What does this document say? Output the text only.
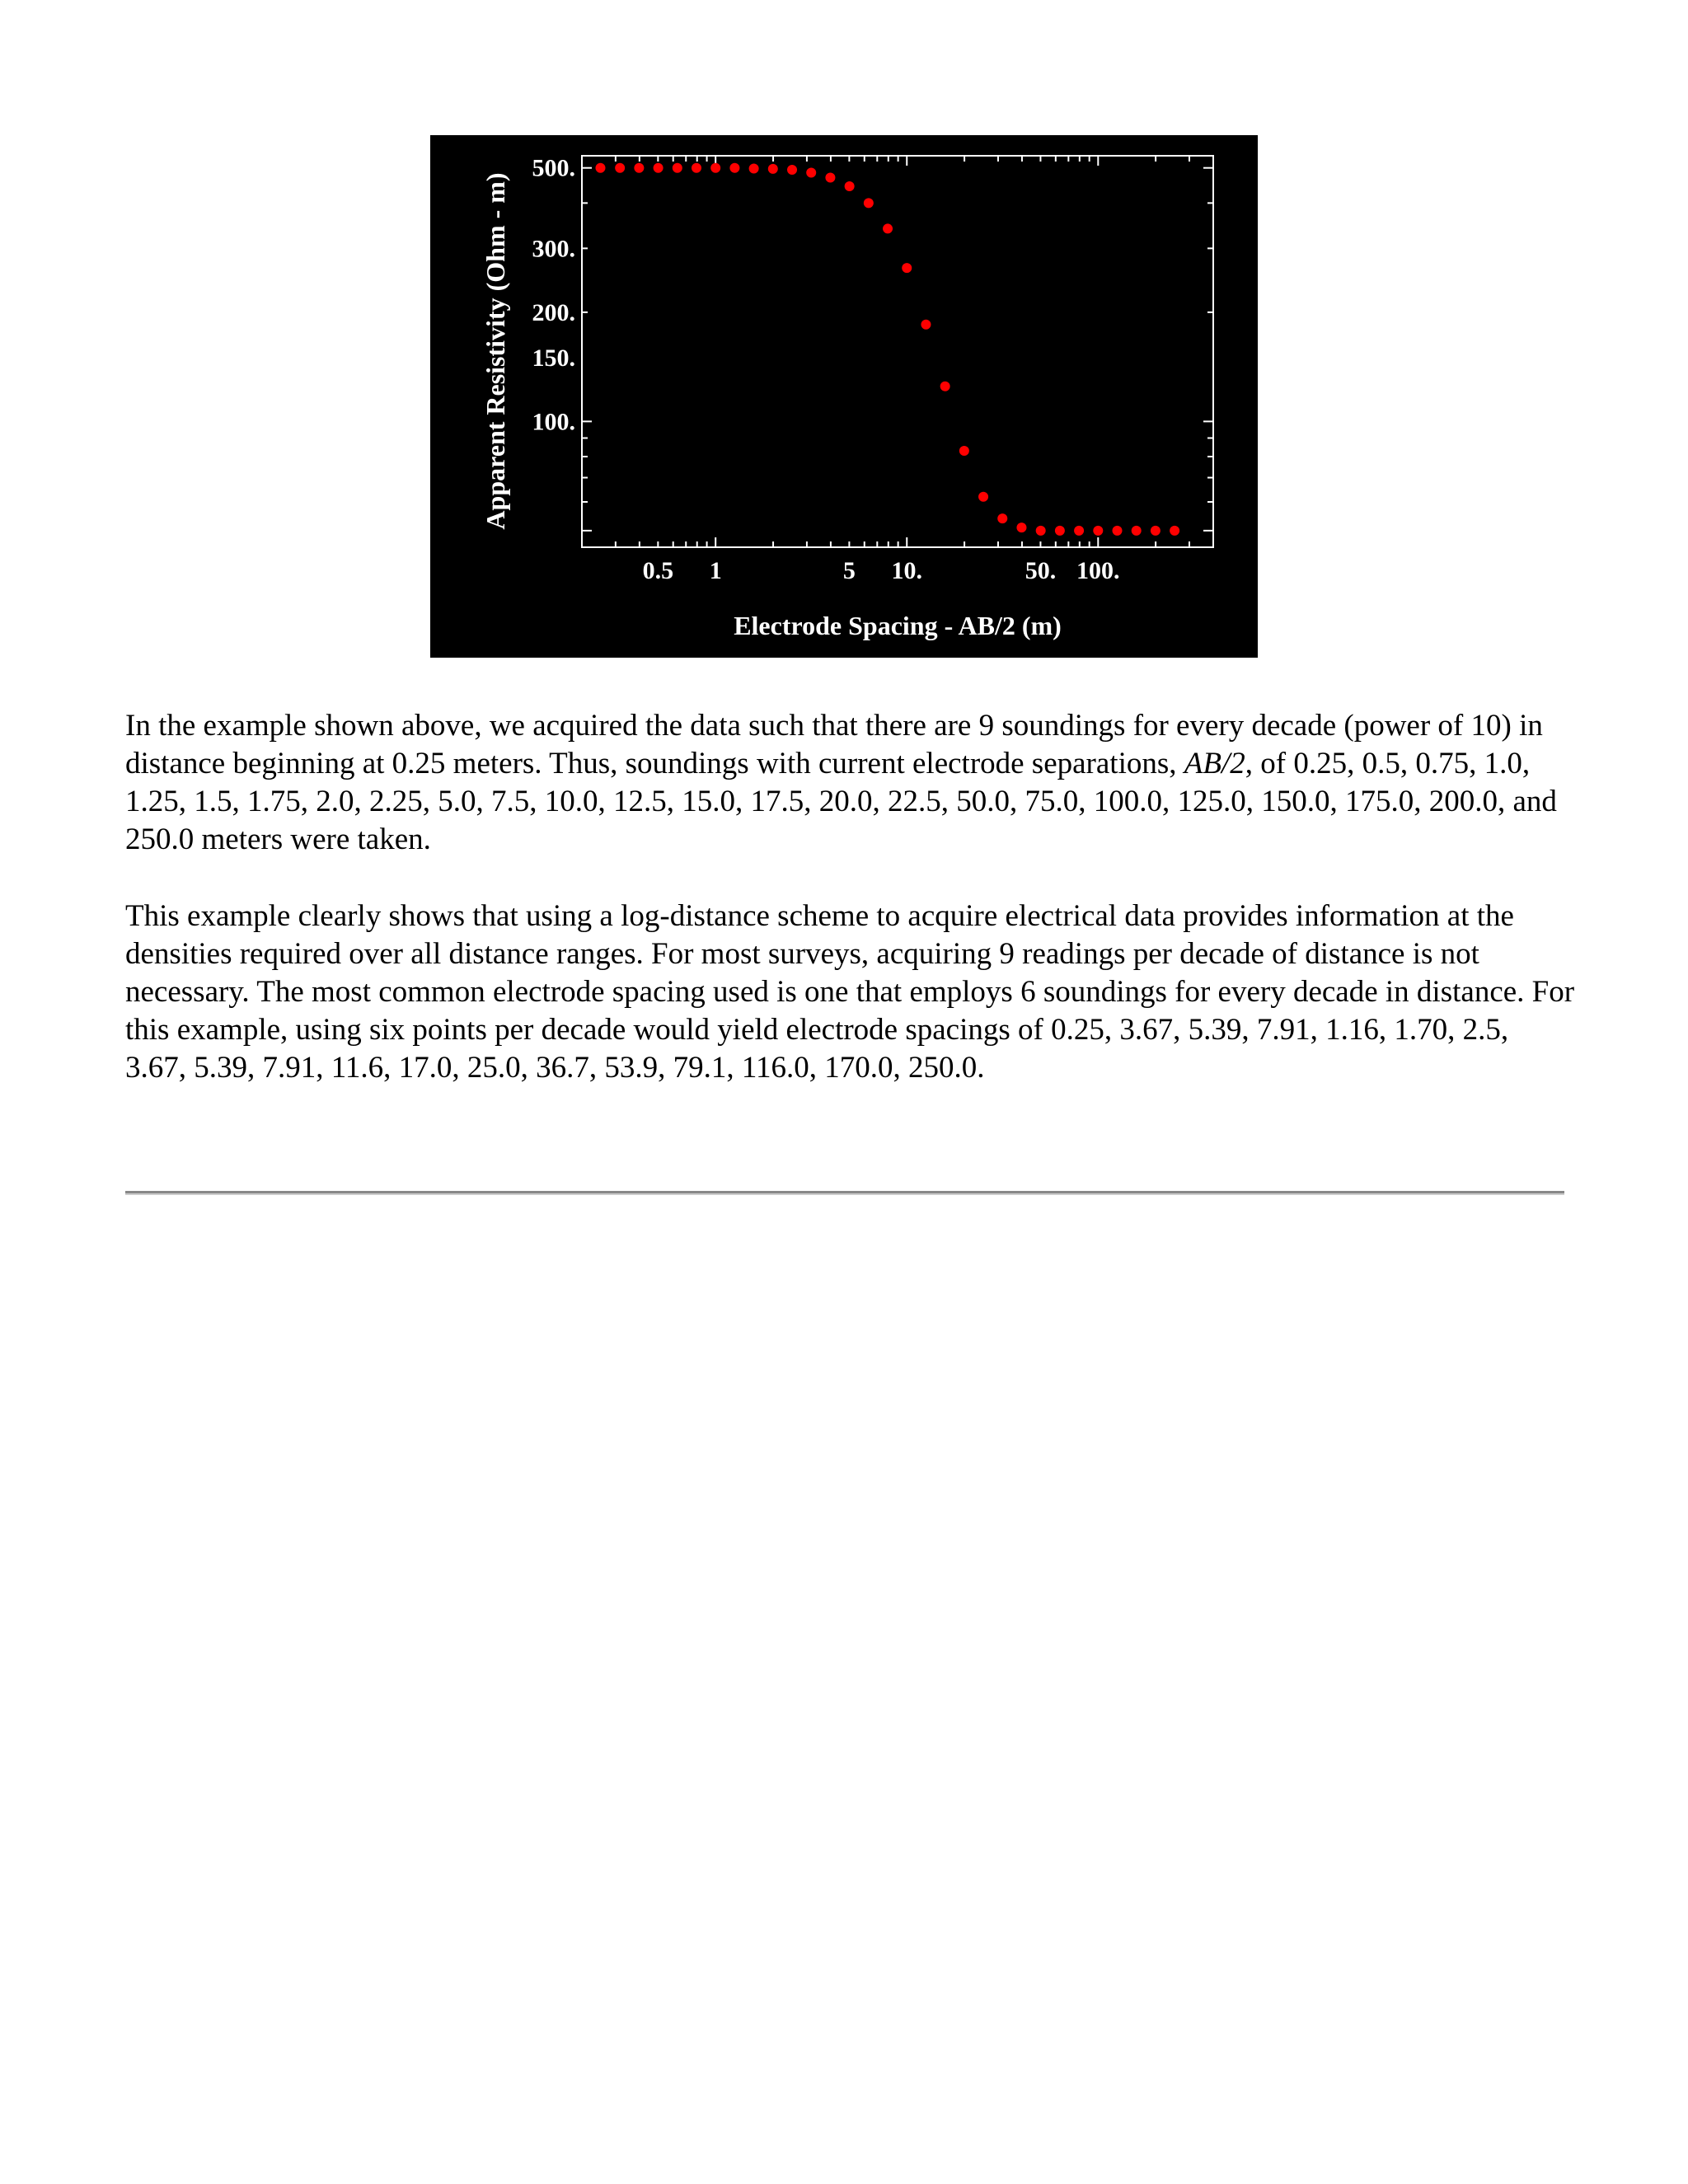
0.5 1	5 10.	50. 100.
500.
300.
200.
150.
100.
Electrode Spacing - AB/2 (m)
Apparent Resistivity (Ohm - m)

In the example shown above, we acquired the data such that there are 9 soundings for every decade (power of 10) in distance beginning at 0.25 meters. Thus, soundings with current electrode separations, AB/2, of 0.25, 0.5, 0.75, 1.0, 1.25, 1.5, 1.75, 2.0, 2.25, 5.0, 7.5, 10.0, 12.5, 15.0, 17.5, 20.0, 22.5, 50.0, 75.0, 100.0, 125.0, 150.0, 175.0, 200.0, and 250.0 meters were taken.

This example clearly shows that using a log-distance scheme to acquire electrical data provides information at the densities required over all distance ranges. For most surveys, acquiring 9 readings per decade of distance is not necessary. The most common electrode spacing used is one that employs 6 soundings for every decade in distance. For this example, using six points per decade would yield electrode spacings of 0.25, 3.67, 5.39, 7.91, 1.16, 1.70, 2.5, 3.67, 5.39, 7.91, 11.6, 17.0, 25.0, 36.7, 53.9, 79.1, 116.0, 170.0, 250.0.
